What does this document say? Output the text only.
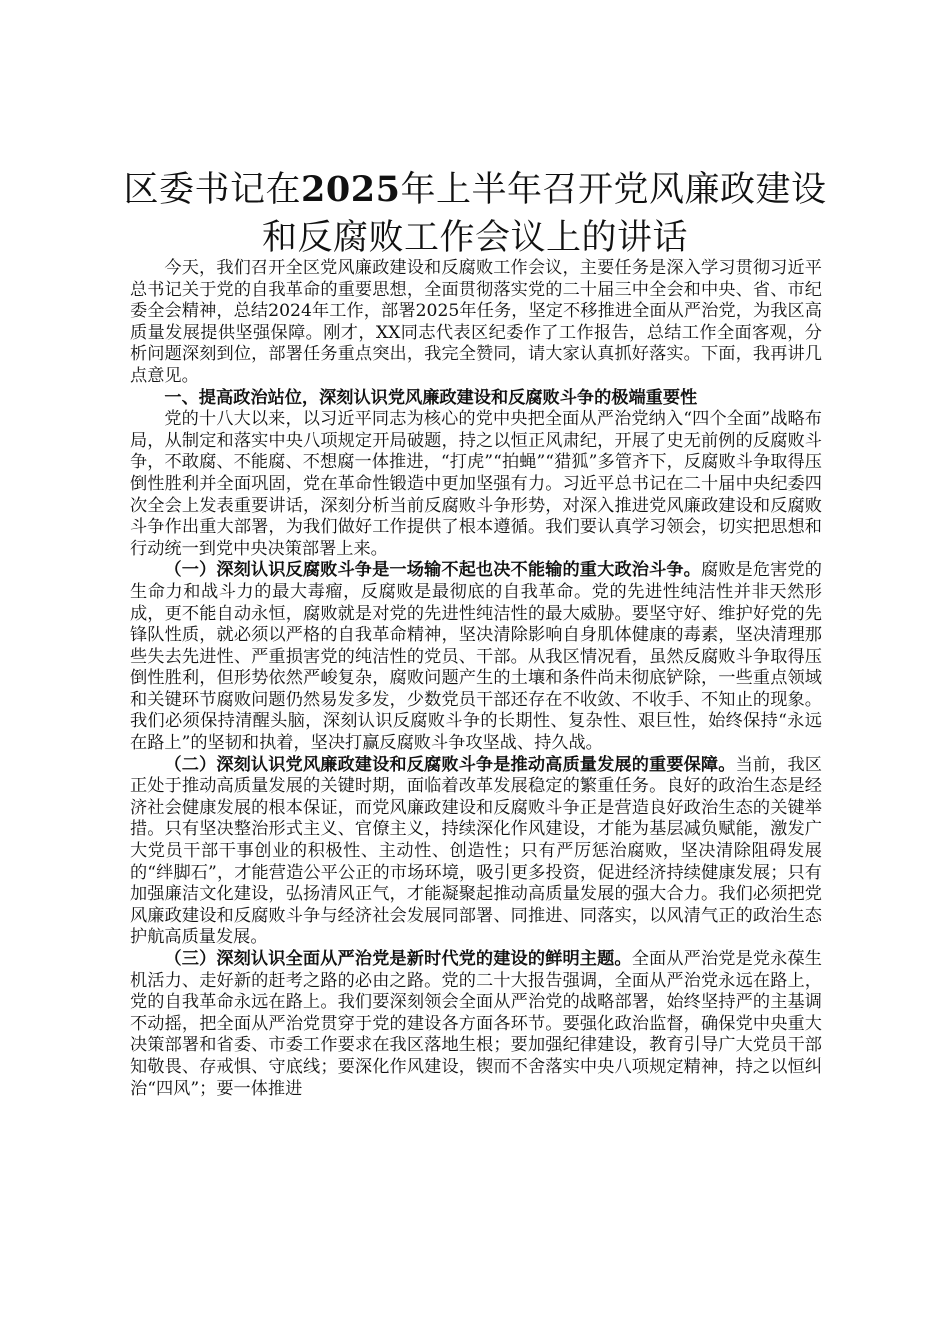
区委书记在2025年上半年召开党风廉政建设
和反腐败工作会议上的讲话

今天，我们召开全区党风廉政建设和反腐败工作会议，主要任务是深入学习贯彻习近平总书记关于党的自我革命的重要思想，全面贯彻落实党的二十届三中全会和中央、省、市纪委全会精神，总结2024年工作，部署2025年任务，坚定不移推进全面从严治党，为我区高质量发展提供坚强保障。刚才，XX同志代表区纪委作了工作报告，总结工作全面客观，分析问题深刻到位，部署任务重点突出，我完全赞同，请大家认真抓好落实。下面，我再讲几点意见。

一、提高政治站位，深刻认识党风廉政建设和反腐败斗争的极端重要性

党的十八大以来，以习近平同志为核心的党中央把全面从严治党纳入“四个全面”战略布局，从制定和落实中央八项规定开局破题，持之以恒正风肃纪，开展了史无前例的反腐败斗争，不敢腐、不能腐、不想腐一体推进，“打虎”“拍蝇”“猎狐”多管齐下，反腐败斗争取得压倒性胜利并全面巩固，党在革命性锻造中更加坚强有力。习近平总书记在二十届中央纪委四次全会上发表重要讲话，深刻分析当前反腐败斗争形势，对深入推进党风廉政建设和反腐败斗争作出重大部署，为我们做好工作提供了根本遵循。我们要认真学习领会，切实把思想和行动统一到党中央决策部署上来。

（一）深刻认识反腐败斗争是一场输不起也决不能输的重大政治斗争。腐败是危害党的生命力和战斗力的最大毒瘤，反腐败是最彻底的自我革命。党的先进性纯洁性并非天然形成，更不能自动永恒，腐败就是对党的先进性纯洁性的最大威胁。要坚守好、维护好党的先锋队性质，就必须以严格的自我革命精神，坚决清除影响自身肌体健康的毒素，坚决清理那些失去先进性、严重损害党的纯洁性的党员、干部。从我区情况看，虽然反腐败斗争取得压倒性胜利，但形势依然严峻复杂，腐败问题产生的土壤和条件尚未彻底铲除，一些重点领域和关键环节腐败问题仍然易发多发，少数党员干部还存在不收敛、不收手、不知止的现象。我们必须保持清醒头脑，深刻认识反腐败斗争的长期性、复杂性、艰巨性，始终保持“永远在路上”的坚韧和执着，坚决打赢反腐败斗争攻坚战、持久战。

（二）深刻认识党风廉政建设和反腐败斗争是推动高质量发展的重要保障。当前，我区正处于推动高质量发展的关键时期，面临着改革发展稳定的繁重任务。良好的政治生态是经济社会健康发展的根本保证，而党风廉政建设和反腐败斗争正是营造良好政治生态的关键举措。只有坚决整治形式主义、官僚主义，持续深化作风建设，才能为基层减负赋能，激发广大党员干部干事创业的积极性、主动性、创造性；只有严厉惩治腐败，坚决清除阻碍发展的“绊脚石”，才能营造公平公正的市场环境，吸引更多投资，促进经济持续健康发展；只有加强廉洁文化建设，弘扬清风正气，才能凝聚起推动高质量发展的强大合力。我们必须把党风廉政建设和反腐败斗争与经济社会发展同部署、同推进、同落实，以风清气正的政治生态护航高质量发展。

（三）深刻认识全面从严治党是新时代党的建设的鲜明主题。全面从严治党是党永葆生机活力、走好新的赶考之路的必由之路。党的二十大报告强调，全面从严治党永远在路上，党的自我革命永远在路上。我们要深刻领会全面从严治党的战略部署，始终坚持严的主基调不动摇，把全面从严治党贯穿于党的建设各方面各环节。要强化政治监督，确保党中央重大决策部署和省委、市委工作要求在我区落地生根；要加强纪律建设，教育引导广大党员干部知敬畏、存戒惧、守底线；要深化作风建设，锲而不舍落实中央八项规定精神，持之以恒纠治“四风”；要一体推进
